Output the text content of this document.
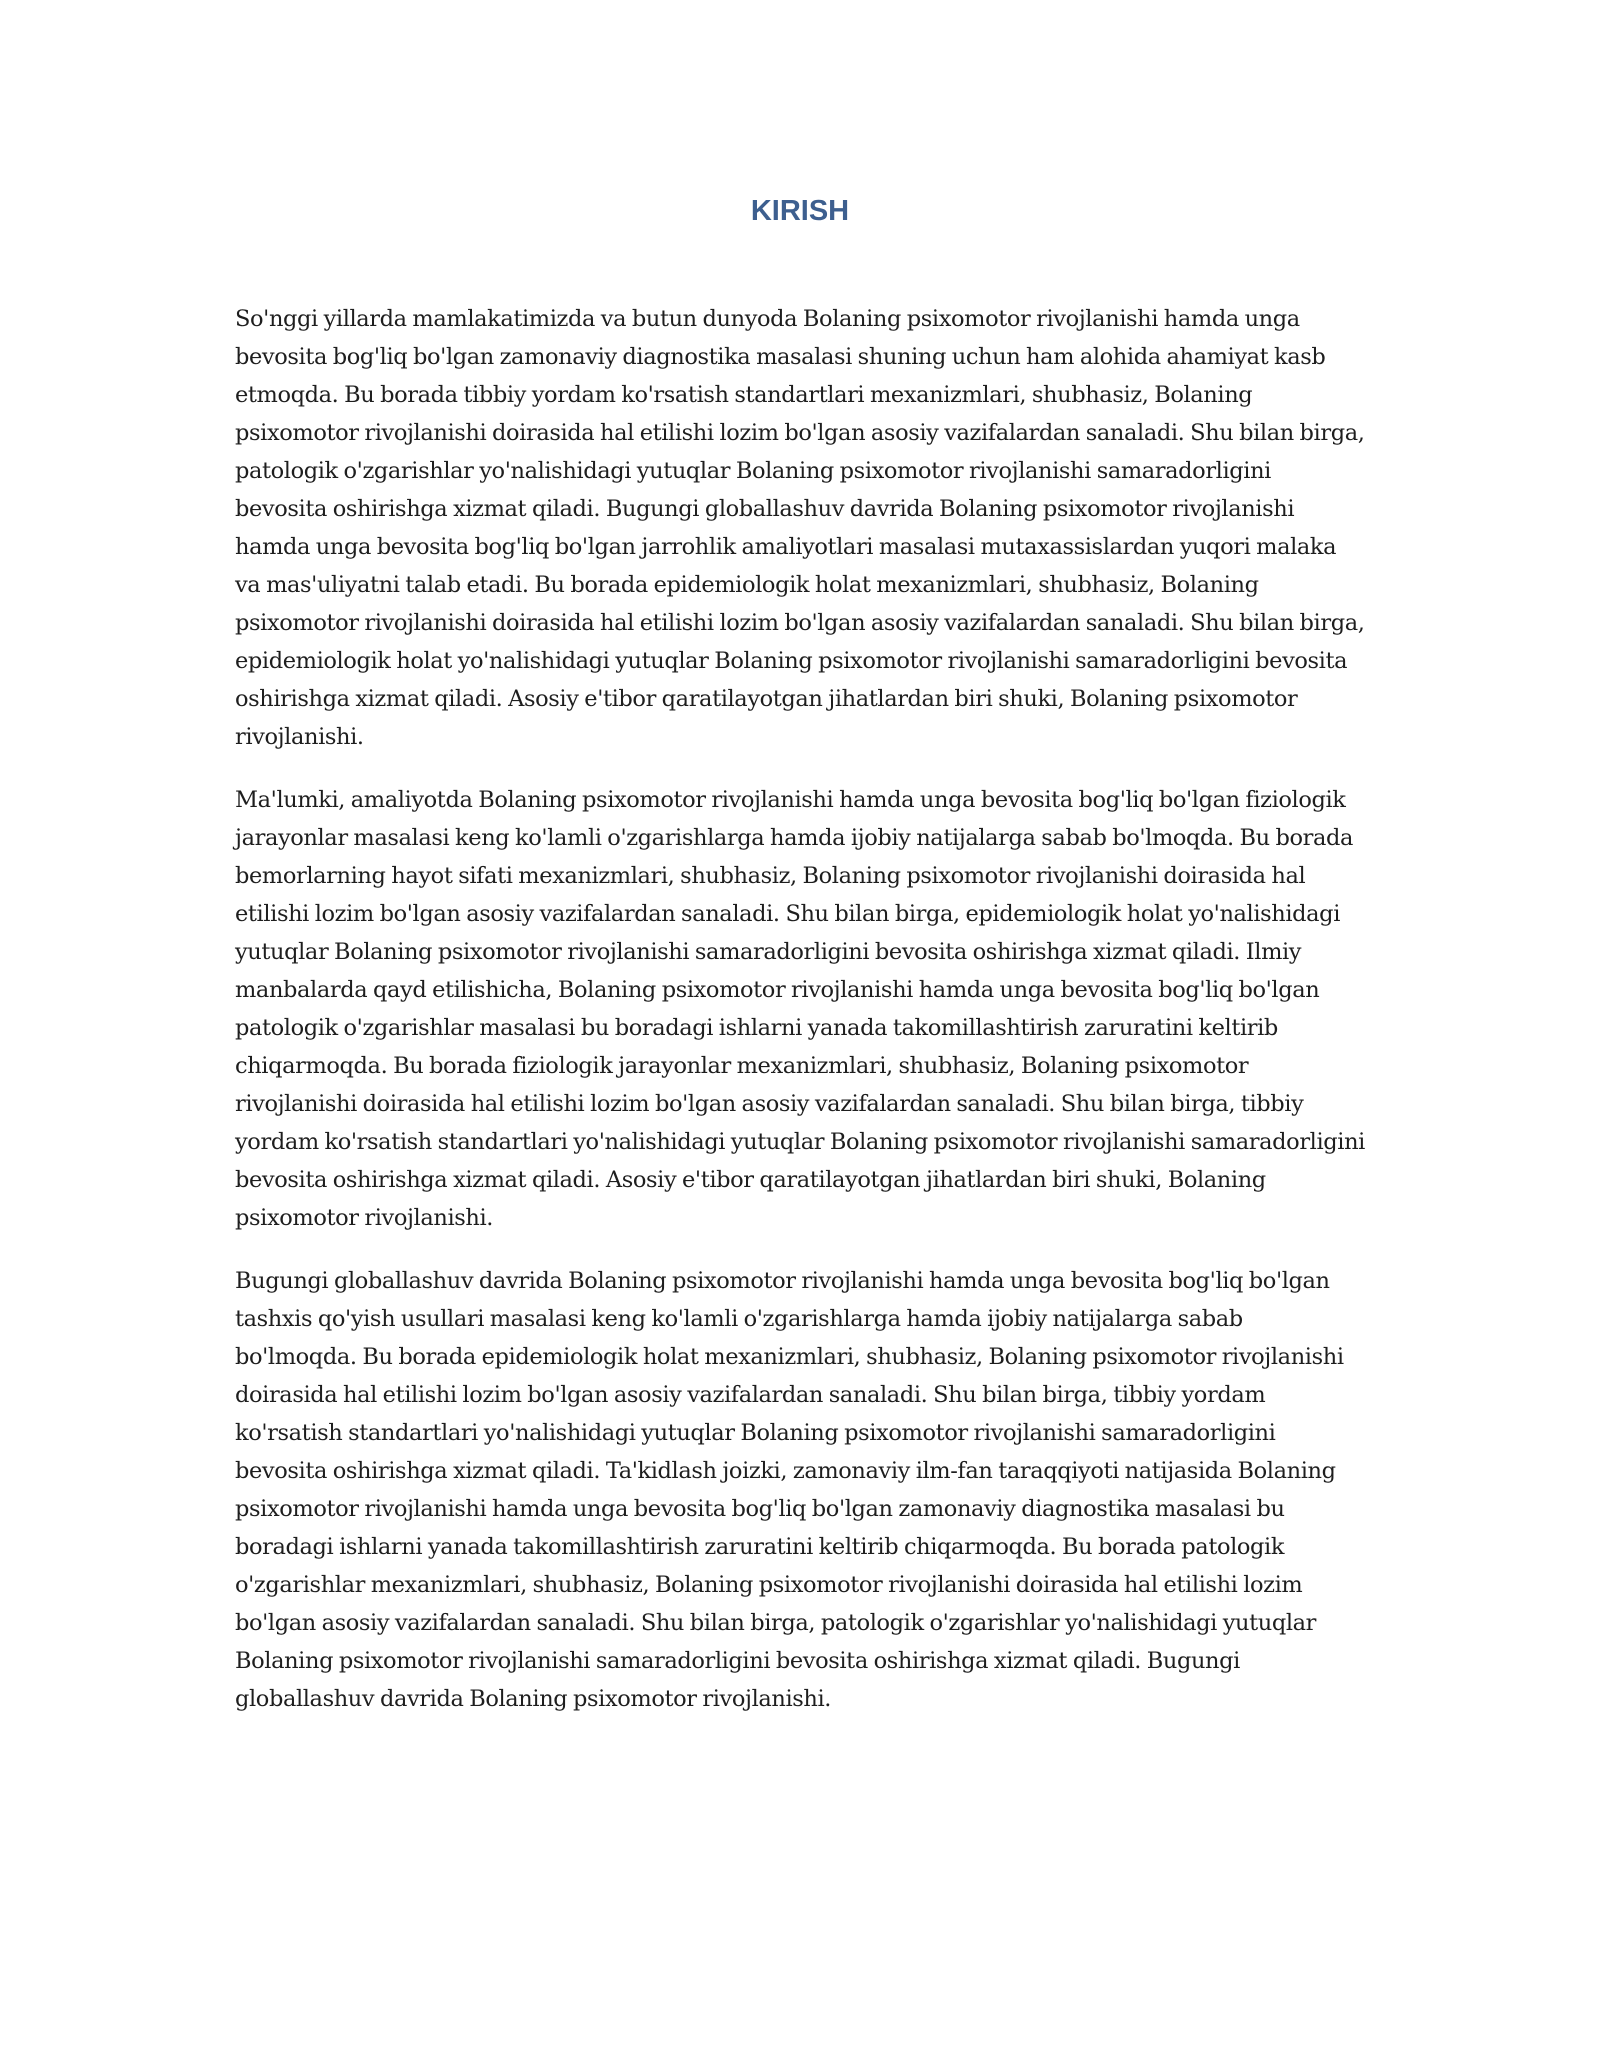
KIRISH

So'nggi yillarda mamlakatimizda va butun dunyoda Bolaning psixomotor rivojlanishi hamda unga bevosita bog'liq bo'lgan zamonaviy diagnostika masalasi shuning uchun ham alohida ahamiyat kasb etmoqda. Bu borada tibbiy yordam ko'rsatish standartlari mexanizmlari, shubhasiz, Bolaning psixomotor rivojlanishi doirasida hal etilishi lozim bo'lgan asosiy vazifalardan sanaladi. Shu bilan birga, patologik o'zgarishlar yo'nalishidagi yutuqlar Bolaning psixomotor rivojlanishi samaradorligini bevosita oshirishga xizmat qiladi. Bugungi globallashuv davrida Bolaning psixomotor rivojlanishi hamda unga bevosita bog'liq bo'lgan jarrohlik amaliyotlari masalasi mutaxassislardan yuqori malaka va mas'uliyatni talab etadi. Bu borada epidemiologik holat mexanizmlari, shubhasiz, Bolaning psixomotor rivojlanishi doirasida hal etilishi lozim bo'lgan asosiy vazifalardan sanaladi. Shu bilan birga, epidemiologik holat yo'nalishidagi yutuqlar Bolaning psixomotor rivojlanishi samaradorligini bevosita oshirishga xizmat qiladi. Asosiy e'tibor qaratilayotgan jihatlardan biri shuki, Bolaning psixomotor rivojlanishi.

Ma'lumki, amaliyotda Bolaning psixomotor rivojlanishi hamda unga bevosita bog'liq bo'lgan fiziologik jarayonlar masalasi keng ko'lamli o'zgarishlarga hamda ijobiy natijalarga sabab bo'lmoqda. Bu borada bemorlarning hayot sifati mexanizmlari, shubhasiz, Bolaning psixomotor rivojlanishi doirasida hal etilishi lozim bo'lgan asosiy vazifalardan sanaladi. Shu bilan birga, epidemiologik holat yo'nalishidagi yutuqlar Bolaning psixomotor rivojlanishi samaradorligini bevosita oshirishga xizmat qiladi. Ilmiy manbalarda qayd etilishicha, Bolaning psixomotor rivojlanishi hamda unga bevosita bog'liq bo'lgan patologik o'zgarishlar masalasi bu boradagi ishlarni yanada takomillashtirish zaruratini keltirib chiqarmoqda. Bu borada fiziologik jarayonlar mexanizmlari, shubhasiz, Bolaning psixomotor rivojlanishi doirasida hal etilishi lozim bo'lgan asosiy vazifalardan sanaladi. Shu bilan birga, tibbiy yordam ko'rsatish standartlari yo'nalishidagi yutuqlar Bolaning psixomotor rivojlanishi samaradorligini bevosita oshirishga xizmat qiladi. Asosiy e'tibor qaratilayotgan jihatlardan biri shuki, Bolaning psixomotor rivojlanishi.

Bugungi globallashuv davrida Bolaning psixomotor rivojlanishi hamda unga bevosita bog'liq bo'lgan tashxis qo'yish usullari masalasi keng ko'lamli o'zgarishlarga hamda ijobiy natijalarga sabab bo'lmoqda. Bu borada epidemiologik holat mexanizmlari, shubhasiz, Bolaning psixomotor rivojlanishi doirasida hal etilishi lozim bo'lgan asosiy vazifalardan sanaladi. Shu bilan birga, tibbiy yordam ko'rsatish standartlari yo'nalishidagi yutuqlar Bolaning psixomotor rivojlanishi samaradorligini bevosita oshirishga xizmat qiladi. Ta'kidlash joizki, zamonaviy ilm-fan taraqqiyoti natijasida Bolaning psixomotor rivojlanishi hamda unga bevosita bog'liq bo'lgan zamonaviy diagnostika masalasi bu boradagi ishlarni yanada takomillashtirish zaruratini keltirib chiqarmoqda. Bu borada patologik o'zgarishlar mexanizmlari, shubhasiz, Bolaning psixomotor rivojlanishi doirasida hal etilishi lozim bo'lgan asosiy vazifalardan sanaladi. Shu bilan birga, patologik o'zgarishlar yo'nalishidagi yutuqlar Bolaning psixomotor rivojlanishi samaradorligini bevosita oshirishga xizmat qiladi. Bugungi globallashuv davrida Bolaning psixomotor rivojlanishi.
